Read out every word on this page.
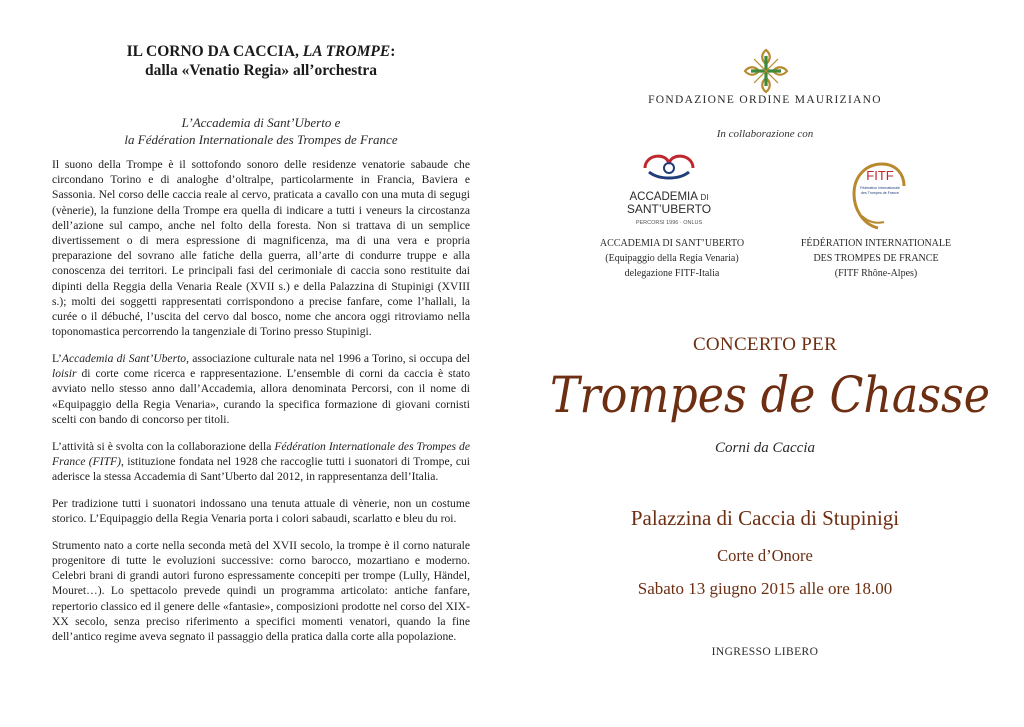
IL CORNO DA CACCIA, LA TROMPE:
dalla «Venatio Regia» all’orchestra
L’Accademia di Sant’Uberto e
la Fédération Internationale des Trompes de France

Il suono della Trompe è il sottofondo sonoro delle residenze venatorie sabaude che circondano Torino e di analoghe d’oltralpe, particolarmente in Francia, Baviera e Sassonia. Nel corso delle caccia reale al cervo, praticata a cavallo con una muta di segugi (vènerie), la funzione della Trompe era quella di indicare a tutti i veneurs la circostanza dell’azione sul campo, anche nel folto della foresta. Non si trattava di un semplice divertissement o di mera espressione di magnificenza, ma di una vera e propria preparazione del sovrano alle fatiche della guerra, all’arte di condurre truppe e alla conoscenza dei territori. Le principali fasi del cerimoniale di caccia sono restituite dai dipinti della Reggia della Venaria Reale (XVII s.) e della Palazzina di Stupinigi (XVIII s.); molti dei soggetti rappresentati corrispondono a precise fanfare, come l’hallali, la curée o il débuché, l’uscita del cervo dal bosco, nome che ancora oggi ritroviamo nella toponomastica percorrendo la tangenziale di Torino presso Stupinigi.

L’Accademia di Sant’Uberto, associazione culturale nata nel 1996 a Torino, si occupa del loisir di corte come ricerca e rappresentazione. L’ensemble di corni da caccia è stato avviato nello stesso anno dall’Accademia, allora denominata Percorsi, con il nome di «Equipaggio della Regia Venaria», curando la specifica formazione di giovani cornisti scelti con bando di concorso per titoli.

L’attività si è svolta con la collaborazione della Fédération Internationale des Trompes de France (FITF), istituzione fondata nel 1928 che raccoglie tutti i suonatori di Trompe, cui aderisce la stessa Accademia di Sant’Uberto dal 2012, in rappresentanza dell’Italia.

Per tradizione tutti i suonatori indossano una tenuta attuale di vènerie, non un costume storico. L’Equipaggio della Regia Venaria porta i colori sabaudi, scarlatto e bleu du roi.

Strumento nato a corte nella seconda metà del XVII secolo, la trompe è il corno naturale progenitore di tutte le evoluzioni successive: corno barocco, mozartiano e moderno. Celebri brani di grandi autori furono espressamente concepiti per trompe (Lully, Händel, Mouret…). Lo spettacolo prevede quindi un programma articolato: antiche fanfare, repertorio classico ed il genere delle «fantasie», composizioni prodotte nel corso del XIX-XX secolo, senza preciso riferimento a specifici momenti venatori, quando la fine dell’antico regime aveva segnato il passaggio della pratica dalla corte alla popolazione.

FONDAZIONE ORDINE MAURIZIANO
In collaborazione con
ACCADEMIA DI
SANT’UBERTO
PERCORSI 1996 · ONLUS
FITF
Fédération Internationale
des Trompes de France
ACCADEMIA DI SANT’UBERTO
(Equipaggio della Regia Venaria)
delegazione FITF-Italia
FÉDÉRATION INTERNATIONALE
DES TROMPES DE FRANCE
(FITF Rhône-Alpes)
CONCERTO PER
Trompes de Chasse
Corni da Caccia
Palazzina di Caccia di Stupinigi
Corte d’Onore
Sabato 13 giugno 2015 alle ore 18.00
INGRESSO LIBERO
